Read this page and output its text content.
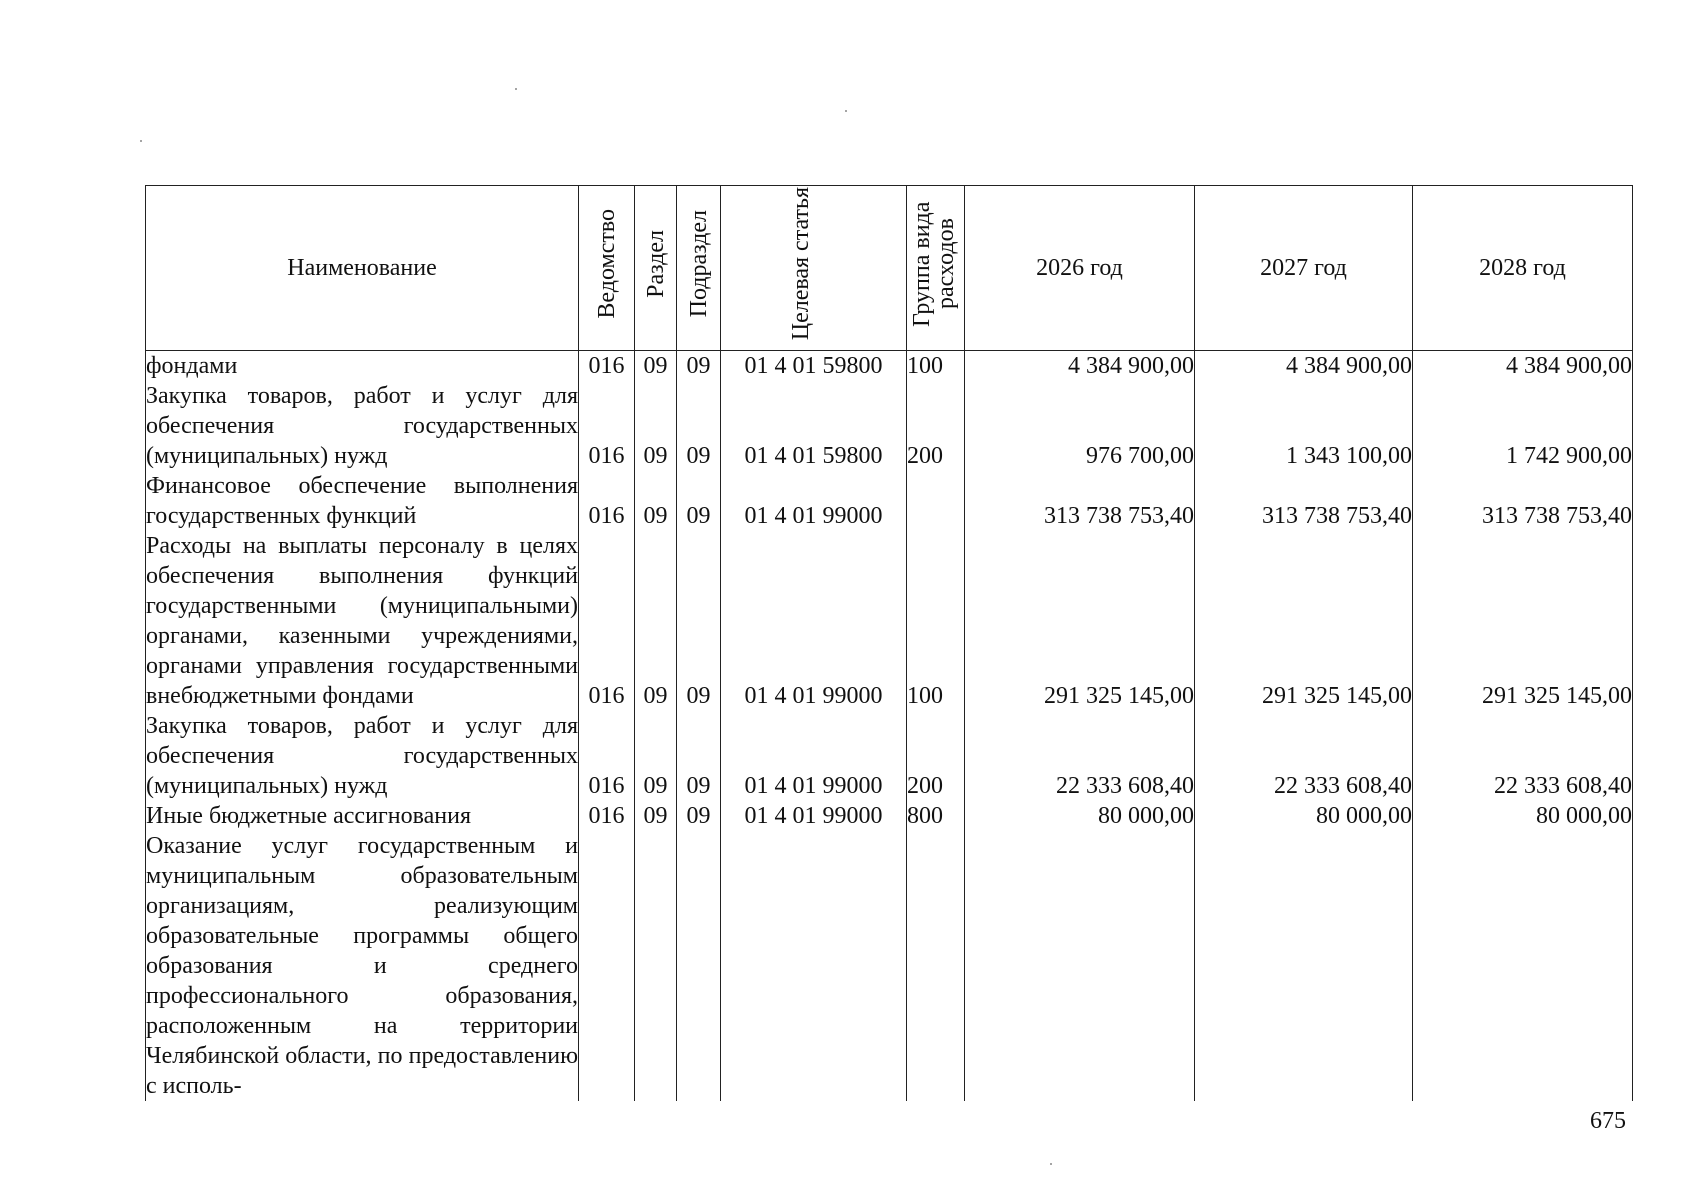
Наименование	Ведомство	Раздел	Подраздел	Целевая статья	Группа вида расходов	2026 год	2027 год	2028 год
фондами	016	09	09	01 4 01 59800	100	4 384 900,00	4 384 900,00	4 384 900,00
Закупка товаров, работ и услуг для обеспечения государственных (муниципальных) нужд	016	09	09	01 4 01 59800	200	976 700,00	1 343 100,00	1 742 900,00
Финансовое обеспечение выполнения государственных функций	016	09	09	01 4 01 99000		313 738 753,40	313 738 753,40	313 738 753,40
Расходы на выплаты персоналу в целях обеспечения выполнения функций государственными (муниципальными) органами, казенными учреждениями, органами управления государственными внебюджетными фондами	016	09	09	01 4 01 99000	100	291 325 145,00	291 325 145,00	291 325 145,00
Закупка товаров, работ и услуг для обеспечения государственных (муниципальных) нужд	016	09	09	01 4 01 99000	200	22 333 608,40	22 333 608,40	22 333 608,40
Иные бюджетные ассигнования	016	09	09	01 4 01 99000	800	80 000,00	80 000,00	80 000,00
Оказание услуг государственным и муниципальным образовательным организациям, реализующим образовательные программы общего образования и среднего профессионального образования, расположенным на территории Челябинской области, по предоставлению с исполь-								
675
